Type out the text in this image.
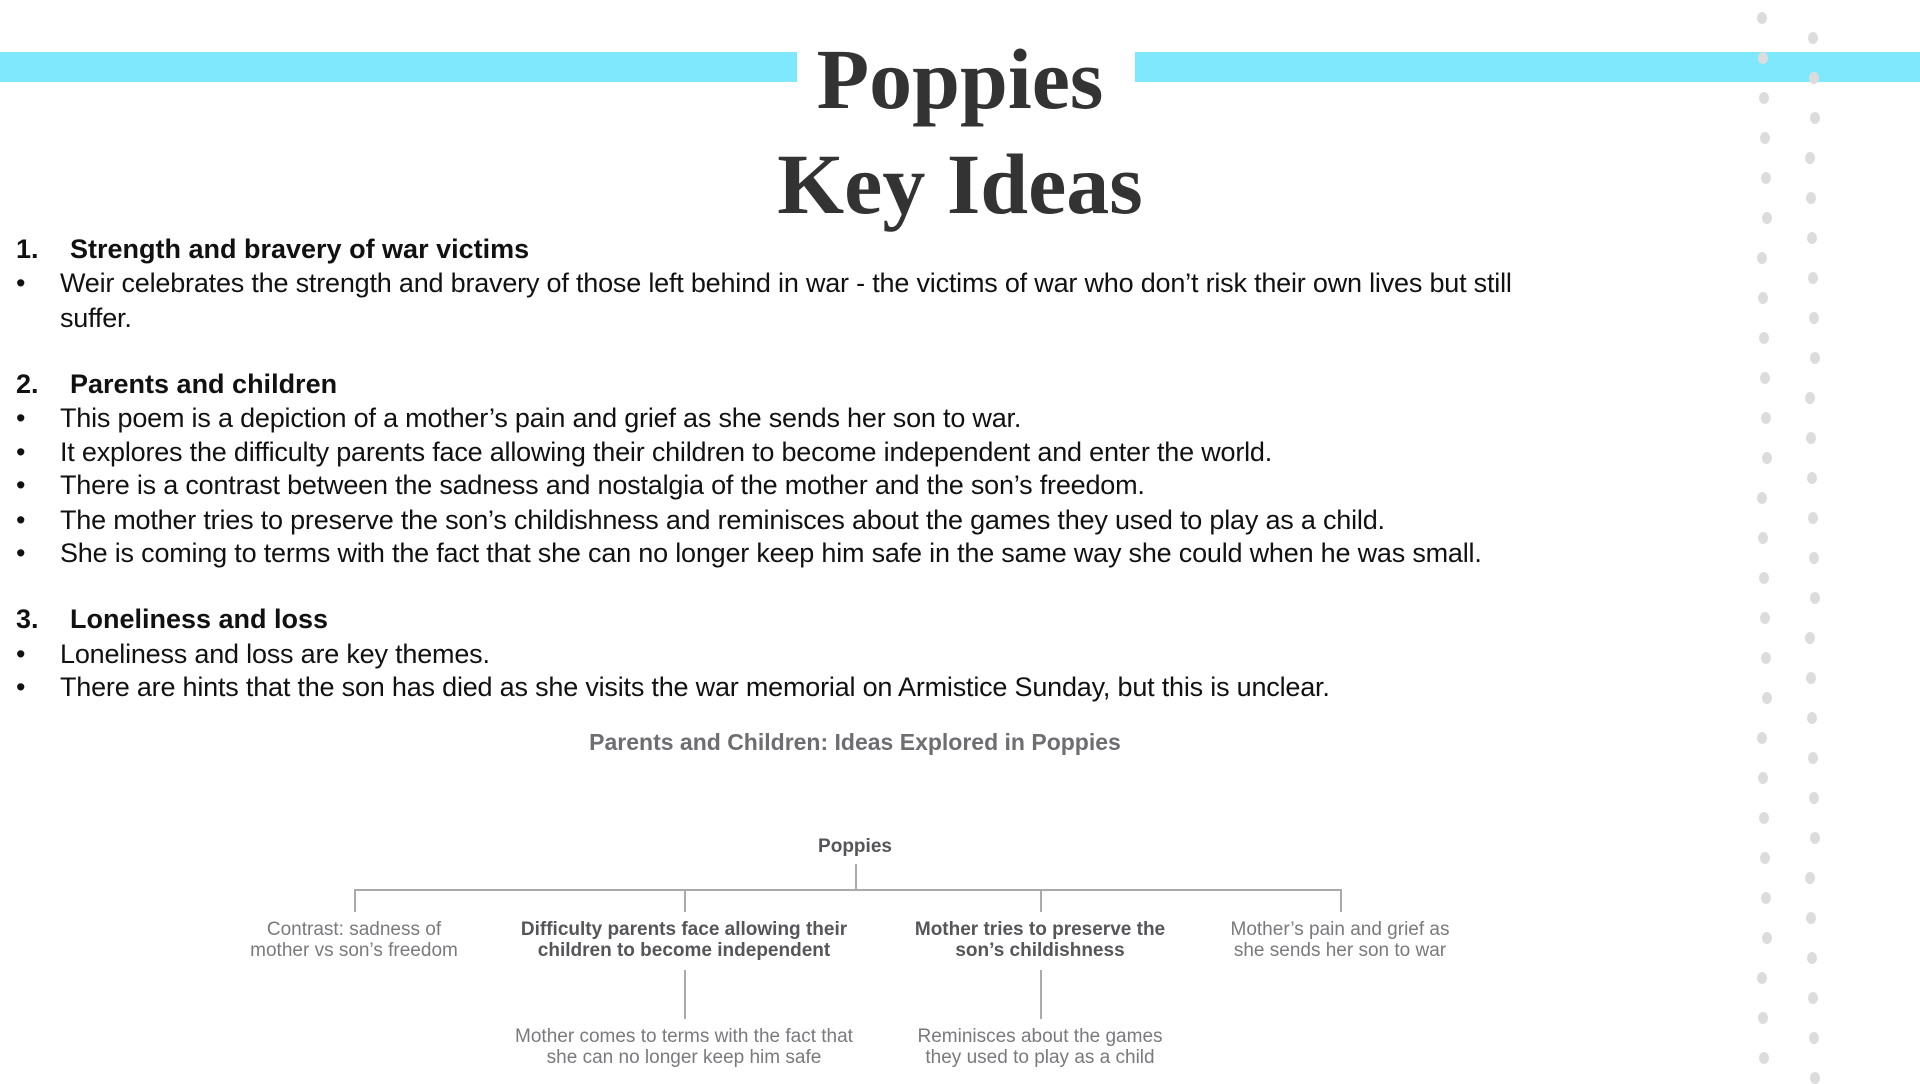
Poppies
Key Ideas
1. Strength and bravery of war victims
• Weir celebrates the strength and bravery of those left behind in war - the victims of war who don’t risk their own lives but still
suffer.
2. Parents and children
• This poem is a depiction of a mother’s pain and grief as she sends her son to war.
• It explores the difficulty parents face allowing their children to become independent and enter the world.
• There is a contrast between the sadness and nostalgia of the mother and the son’s freedom.
• The mother tries to preserve the son’s childishness and reminisces about the games they used to play as a child.
• She is coming to terms with the fact that she can no longer keep him safe in the same way she could when he was small.
3. Loneliness and loss
• Loneliness and loss are key themes.
• There are hints that the son has died as she visits the war memorial on Armistice Sunday, but this is unclear.
Parents and Children: Ideas Explored in Poppies
Poppies
Contrast: sadness of
mother vs son’s freedom
Difficulty parents face allowing their
children to become independent
Mother comes to terms with the fact that
she can no longer keep him safe
Mother tries to preserve the
son’s childishness
Reminisces about the games
they used to play as a child
Mother’s pain and grief as
she sends her son to war
